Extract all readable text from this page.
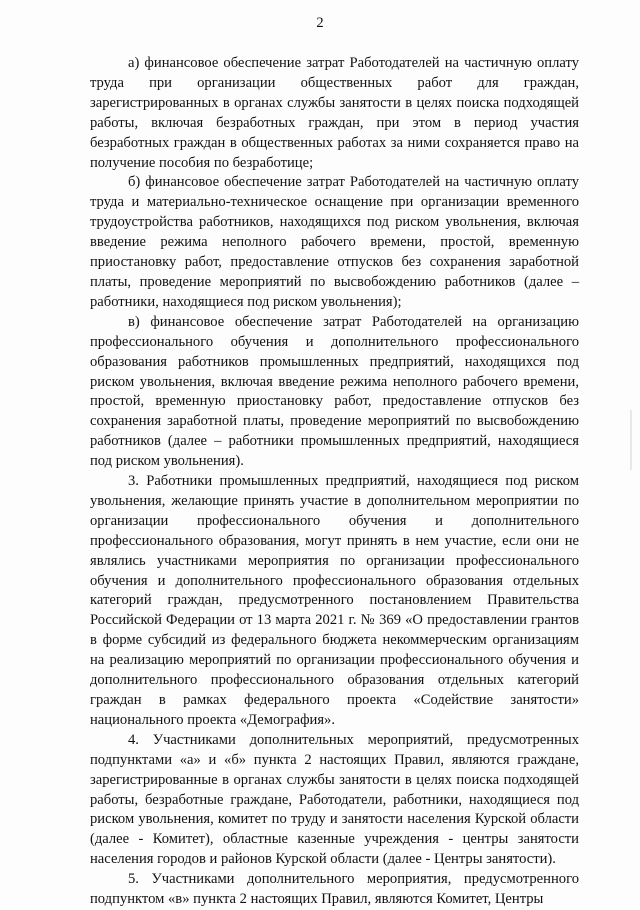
2

а) финансовое обеспечение затрат Работодателей на частичную оплату труда при организации общественных работ для граждан, зарегистрированных в органах службы занятости в целях поиска подходящей работы, включая безработных граждан, при этом в период участия безработных граждан в общественных работах за ними сохраняется право на получение пособия по безработице;

б) финансовое обеспечение затрат Работодателей на частичную оплату труда и материально-техническое оснащение при организации временного трудоустройства работников, находящихся под риском увольнения, включая введение режима неполного рабочего времени, простой, временную приостановку работ, предоставление отпусков без сохранения заработной платы, проведение мероприятий по высвобождению работников (далее – работники, находящиеся под риском увольнения);

в) финансовое обеспечение затрат Работодателей на организацию профессионального обучения и дополнительного профессионального образования работников промышленных предприятий, находящихся под риском увольнения, включая введение режима неполного рабочего времени, простой, временную приостановку работ, предоставление отпусков без сохранения заработной платы, проведение мероприятий по высвобождению работников (далее – работники промышленных предприятий, находящиеся под риском увольнения).

3. Работники промышленных предприятий, находящиеся под риском увольнения, желающие принять участие в дополнительном мероприятии по организации профессионального обучения и дополнительного профессионального образования, могут принять в нем участие, если они не являлись участниками мероприятия по организации профессионального обучения и дополнительного профессионального образования отдельных категорий граждан, предусмотренного постановлением Правительства Российской Федерации от 13 марта 2021 г. № 369 «О предоставлении грантов в форме субсидий из федерального бюджета некоммерческим организациям на реализацию мероприятий по организации профессионального обучения и дополнительного профессионального образования отдельных категорий граждан в рамках федерального проекта «Содействие занятости» национального проекта «Демография».

4. Участниками дополнительных мероприятий, предусмотренных подпунктами «а» и «б» пункта 2 настоящих Правил, являются граждане, зарегистрированные в органах службы занятости в целях поиска подходящей работы, безработные граждане, Работодатели, работники, находящиеся под риском увольнения, комитет по труду и занятости населения Курской области (далее - Комитет), областные казенные учреждения - центры занятости населения городов и районов Курской области (далее - Центры занятости).

5. Участниками дополнительного мероприятия, предусмотренного подпунктом «в» пункта 2 настоящих Правил, являются Комитет, Центры
